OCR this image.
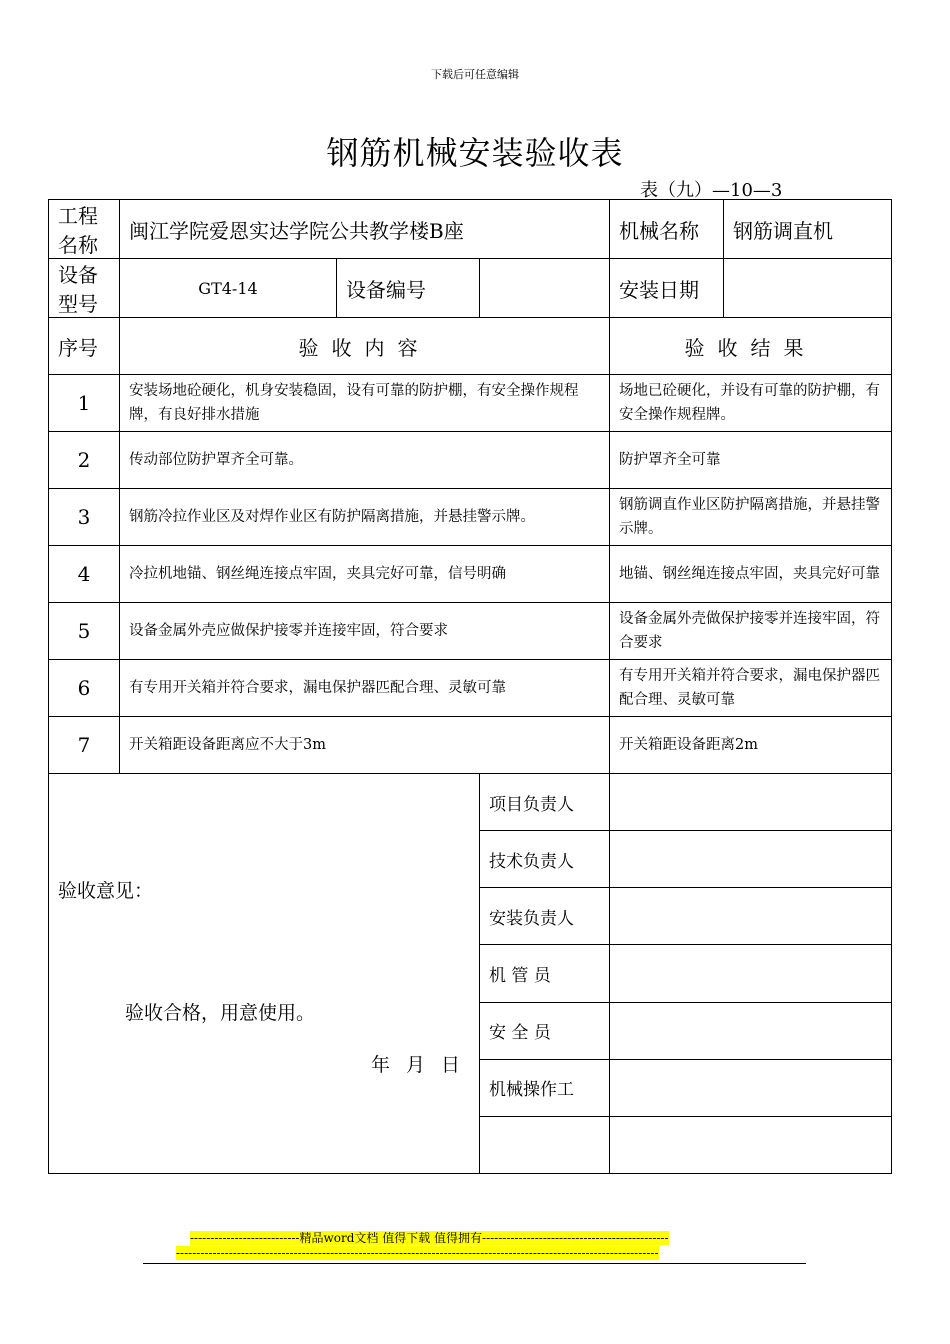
下载后可任意编辑
钢筋机械安装验收表
表（九）—10—3
工程名称	闽江学院爱恩实达学院公共教学楼B座			机械名称	钢筋调直机
设备型号	GT4-14	设备编号		安装日期	
序号	验收内容			验收结果	
1	安装场地砼硬化，机身安装稳固，设有可靠的防护棚，有安全操作规程牌，有良好排水措施			场地已砼硬化，并设有可靠的防护棚，有安全操作规程牌。	
2	传动部位防护罩齐全可靠。			防护罩齐全可靠	
3	钢筋冷拉作业区及对焊作业区有防护隔离措施，并悬挂警示牌。			钢筋调直作业区防护隔离措施，并悬挂警示牌。	
4	冷拉机地锚、钢丝绳连接点牢固，夹具完好可靠，信号明确			地锚、钢丝绳连接点牢固，夹具完好可靠	
5	设备金属外壳应做保护接零并连接牢固，符合要求			设备金属外壳做保护接零并连接牢固，符合要求	
6	有专用开关箱并符合要求，漏电保护器匹配合理、灵敏可靠			有专用开关箱并符合要求，漏电保护器匹配合理、灵敏可靠	
7	开关箱距设备距离应不大于3m			开关箱距设备距离2m	

验收意见：
验收合格，用意使用。
年月日			项目负责人		
			技术负责人		
			安装负责人		
			机 管 员		
			安 全 员		
			机械操作工		

---------------------------精品word文档 值得下载 值得拥有----------------------------------------------
-----------------------------------------------------------------------------------------------------------------------
